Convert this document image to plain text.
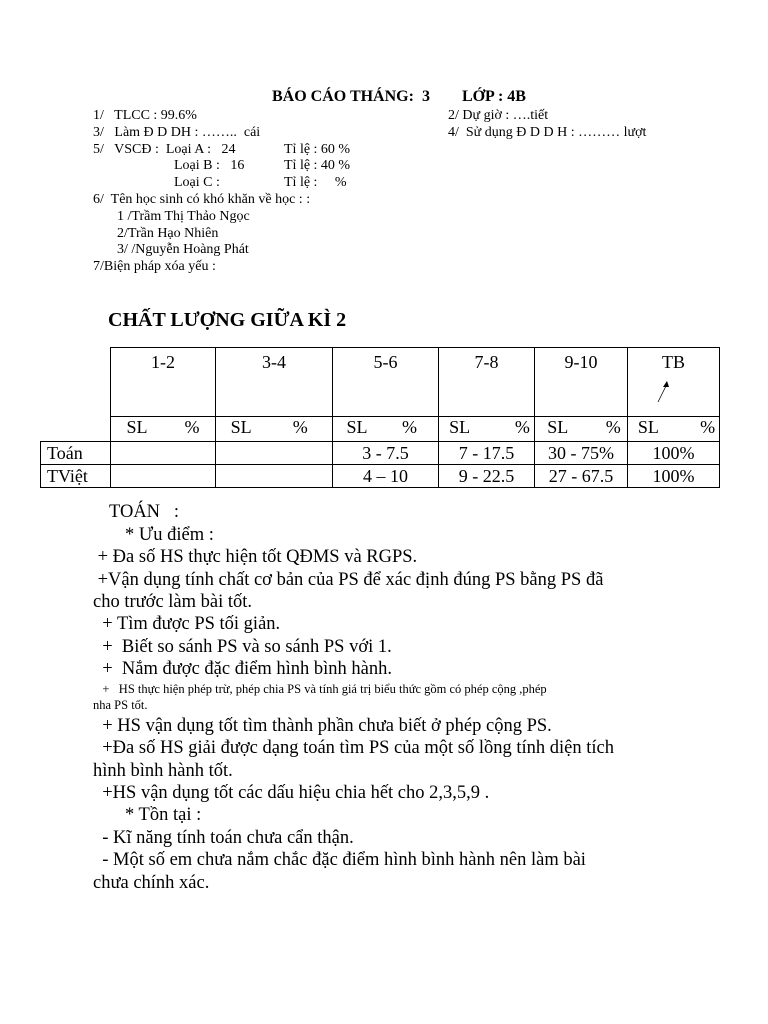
BÁO CÁO THÁNG:  3        LỚP : 4B
1/   TLCC : 99.6%	2/ Dự giờ : ….tiết
3/   Làm Đ D DH : ……..  cái	4/  Sử dụng Đ D D H : ……… lượt
5/   VSCĐ :  Loại A :   24	Tỉ lệ : 60 %
Loại B :   16	Tỉ lệ : 40 %
Loại C :	Tỉ lệ :     %
6/  Tên học sinh có khó khăn về học : :
1 /Trầm Thị Thảo Ngọc
2/Trần Hạo Nhiên
3/ /Nguyễn Hoàng Phát
7/Biện pháp xóa yếu :
CHẤT LƯỢNG GIỮA KÌ 2
	1-2	3-4	5-6	7-8	9-10	TB

	SL %	SL %	SL %	SL %	SL %	SL %
Toán			3 - 7.5	7 - 17.5	30 - 75%	100%
TViệt			4 – 10	9 - 22.5	27 - 67.5	100%
TOÁN   :
* Ưu điểm :
+ Đa số HS thực hiện tốt QĐMS và RGPS.
+Vận dụng tính chất cơ bản của PS để xác định đúng PS bằng PS đã
cho trước làm bài tốt.
+ Tìm được PS tối giản.
+  Biết so sánh PS và so sánh PS với 1.
+  Nắm được đặc điểm hình bình hành.
+   HS thực hiện phép trừ, phép chia PS và tính giá trị biểu thức gồm có phép cộng ,phép
nha PS tốt.
+ HS vận dụng tốt tìm thành phần chưa biết ở phép cộng PS.
+Đa số HS giải được dạng toán tìm PS của một số lồng tính diện tích
hình bình hành tốt.
+HS vận dụng tốt các dấu hiệu chia hết cho 2,3,5,9 .
* Tồn tại :
- Kĩ năng tính toán chưa cẩn thận.
- Một số em chưa nắm chắc đặc điểm hình bình hành nên làm bài
chưa chính xác.
